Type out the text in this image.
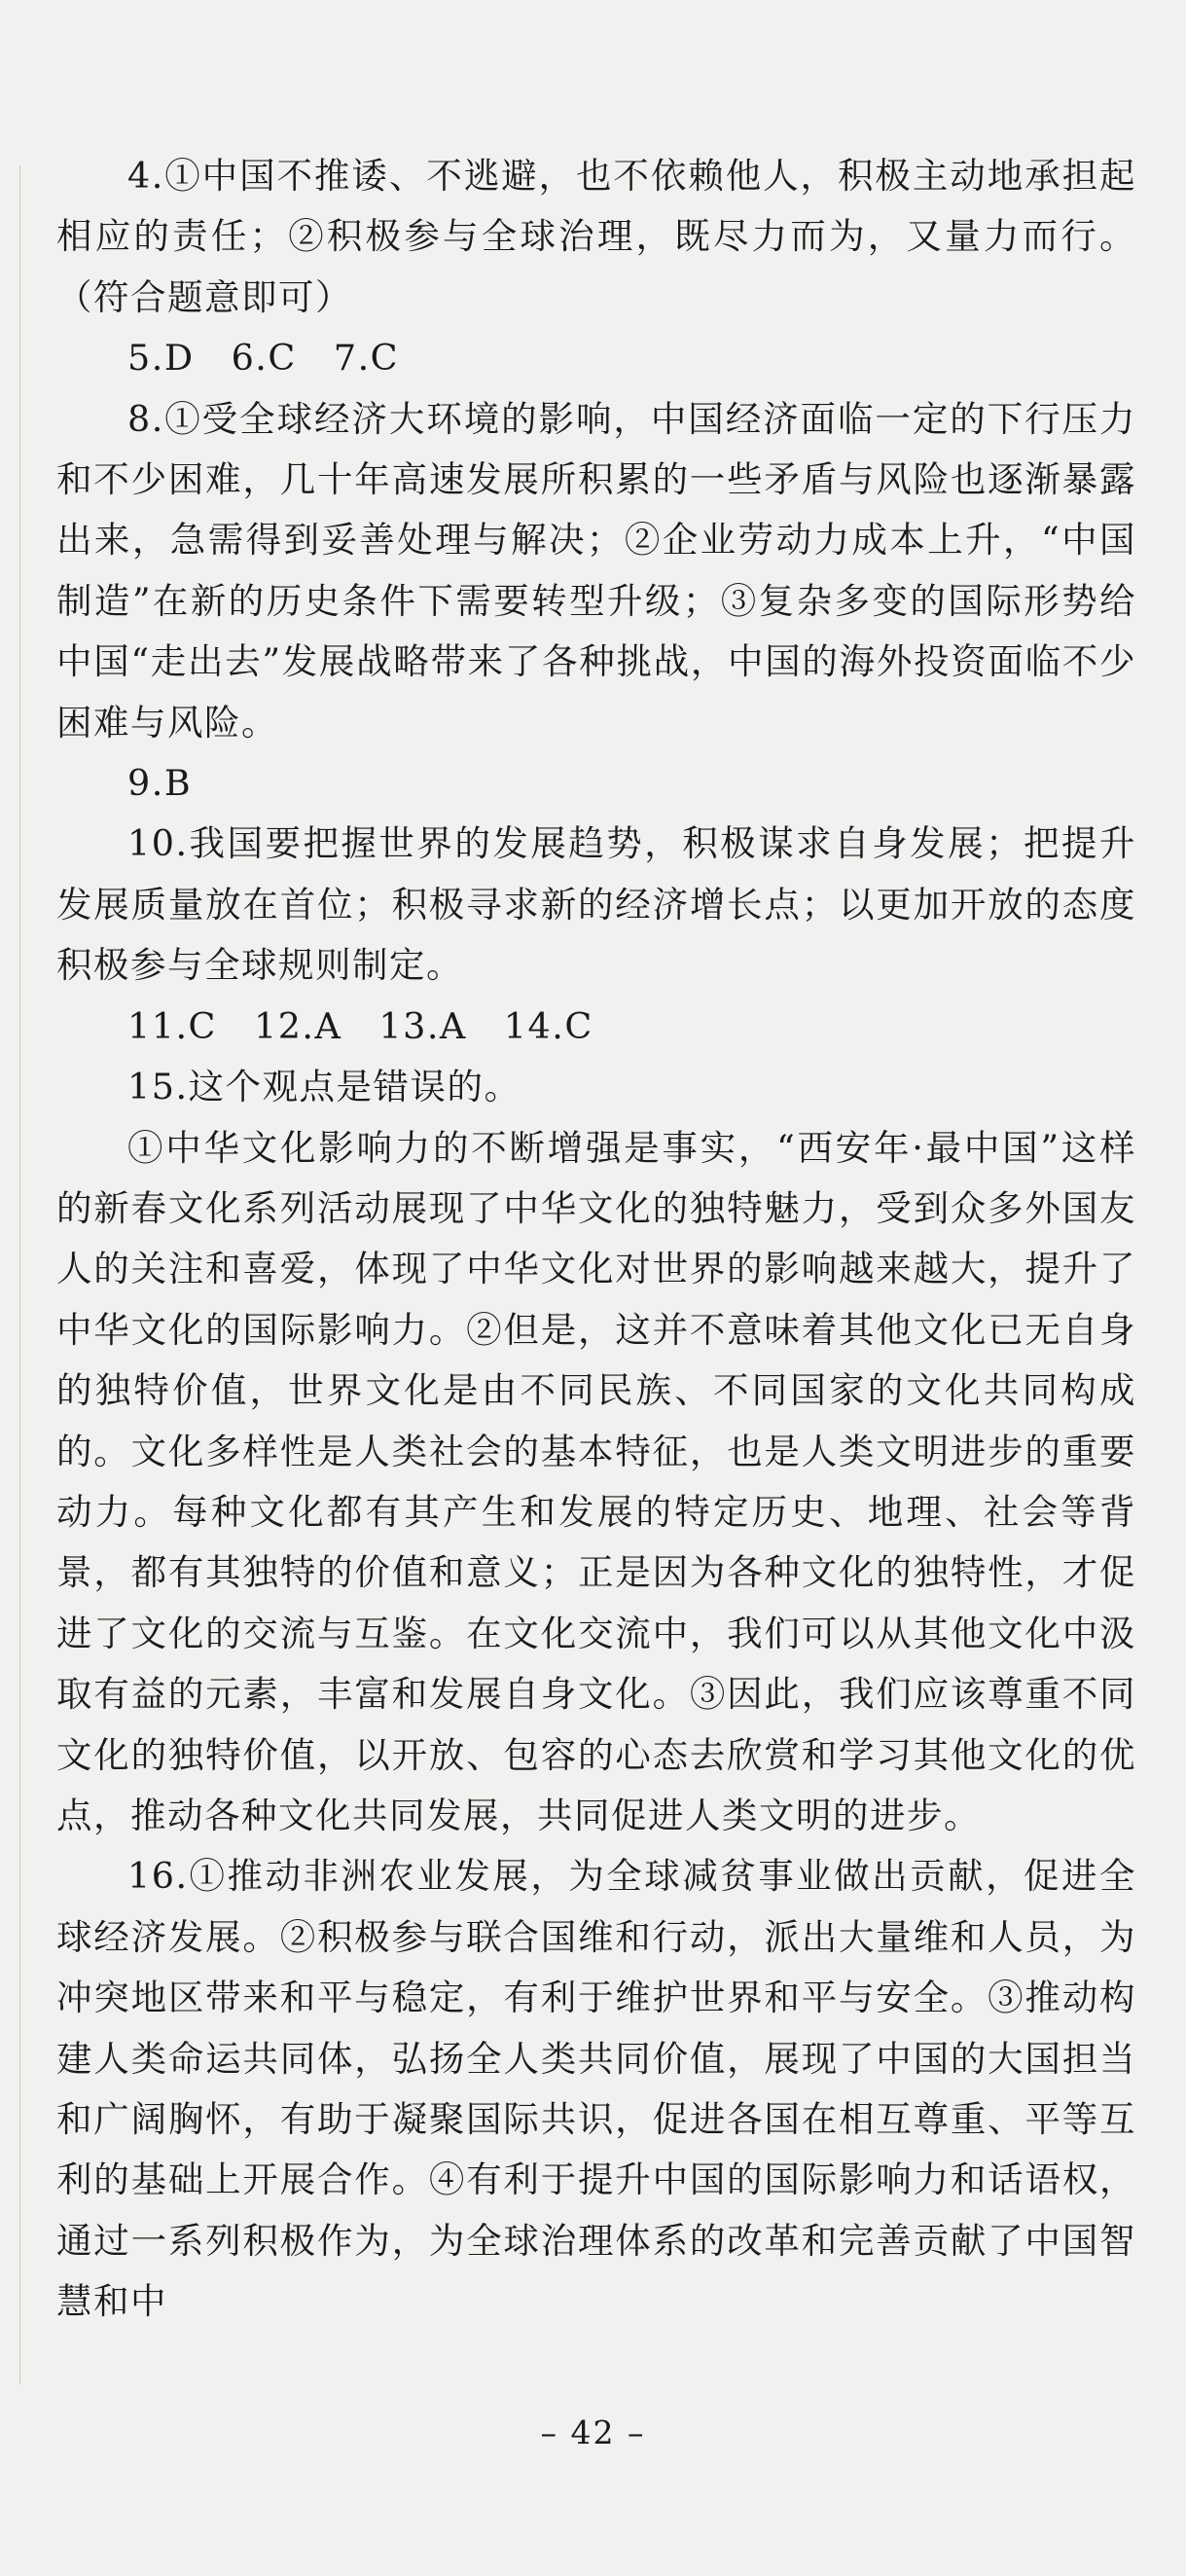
4.①中国不推诿、不逃避，也不依赖他人，积极主动地承担起相应的责任；②积极参与全球治理，既尽力而为，又量力而行。（符合题意即可）

5.D　6.C　7.C

8.①受全球经济大环境的影响，中国经济面临一定的下行压力和不少困难，几十年高速发展所积累的一些矛盾与风险也逐渐暴露出来，急需得到妥善处理与解决；②企业劳动力成本上升，“中国制造”在新的历史条件下需要转型升级；③复杂多变的国际形势给中国“走出去”发展战略带来了各种挑战，中国的海外投资面临不少困难与风险。

9.B

10.我国要把握世界的发展趋势，积极谋求自身发展；把提升发展质量放在首位；积极寻求新的经济增长点；以更加开放的态度积极参与全球规则制定。

11.C　12.A　13.A　14.C

15.这个观点是错误的。

①中华文化影响力的不断增强是事实，“西安年·最中国”这样的新春文化系列活动展现了中华文化的独特魅力，受到众多外国友人的关注和喜爱，体现了中华文化对世界的影响越来越大，提升了中华文化的国际影响力。②但是，这并不意味着其他文化已无自身的独特价值，世界文化是由不同民族、不同国家的文化共同构成的。文化多样性是人类社会的基本特征，也是人类文明进步的重要动力。每种文化都有其产生和发展的特定历史、地理、社会等背景，都有其独特的价值和意义；正是因为各种文化的独特性，才促进了文化的交流与互鉴。在文化交流中，我们可以从其他文化中汲取有益的元素，丰富和发展自身文化。③因此，我们应该尊重不同文化的独特价值，以开放、包容的心态去欣赏和学习其他文化的优点，推动各种文化共同发展，共同促进人类文明的进步。

16.①推动非洲农业发展，为全球减贫事业做出贡献，促进全球经济发展。②积极参与联合国维和行动，派出大量维和人员，为冲突地区带来和平与稳定，有利于维护世界和平与安全。③推动构建人类命运共同体，弘扬全人类共同价值，展现了中国的大国担当和广阔胸怀，有助于凝聚国际共识，促进各国在相互尊重、平等互利的基础上开展合作。④有利于提升中国的国际影响力和话语权，通过一系列积极作为，为全球治理体系的改革和完善贡献了中国智慧和中

– 42 –
